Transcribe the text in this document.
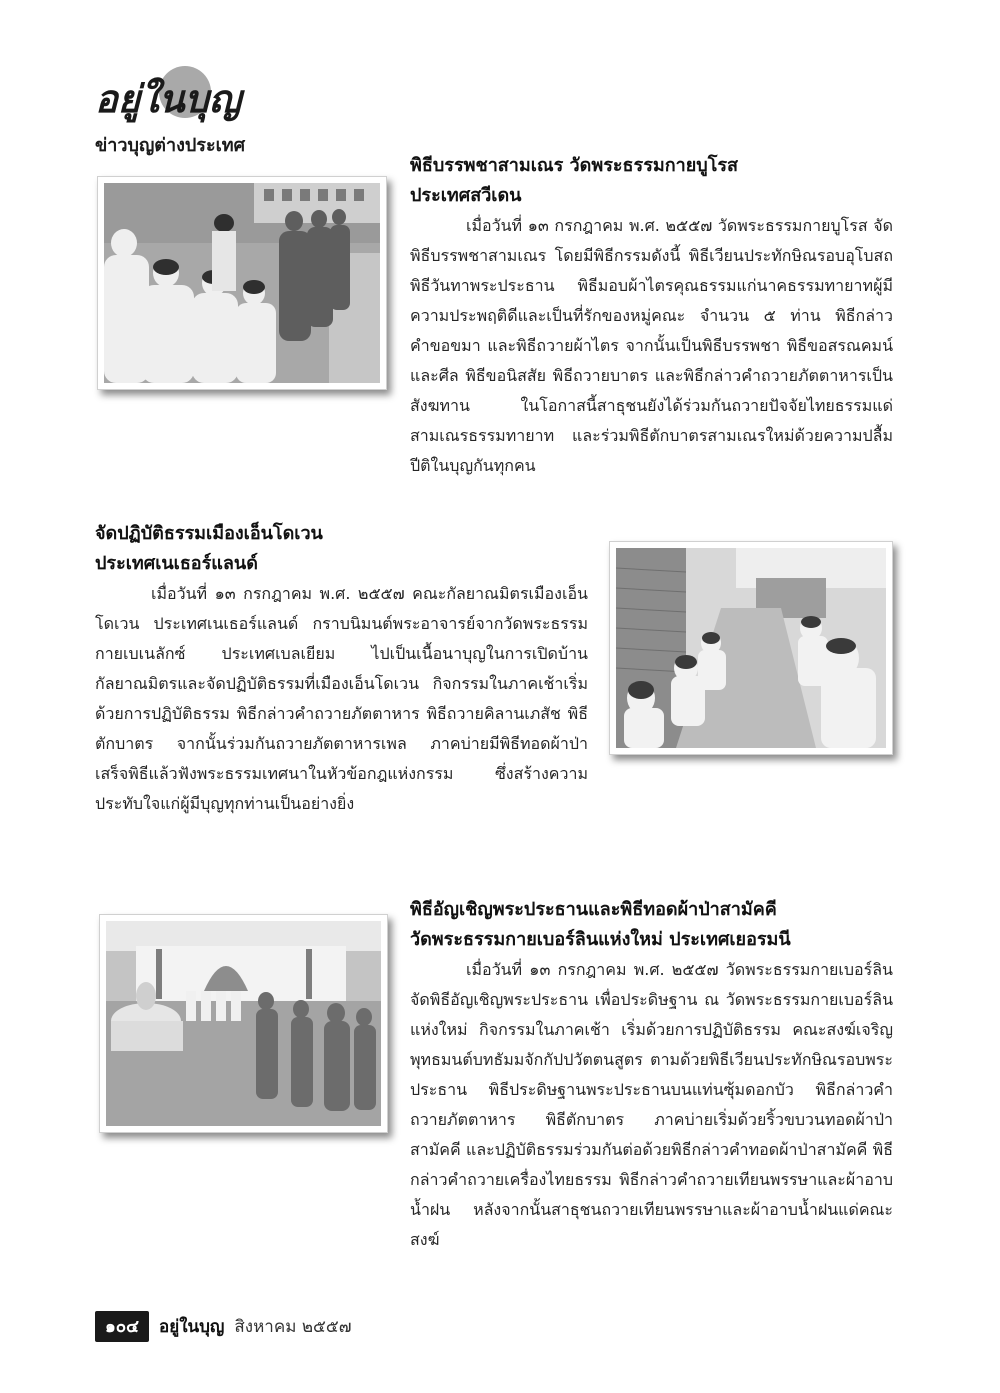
อยู่ในบุญ
ข่าวบุญต่างประเทศ
พิธีบรรพชาสามเณร วัดพระธรรมกายบูโรส
ประเทศสวีเดน

เมื่อวันที่ ๑๓ กรกฎาคม พ.ศ. ๒๕๕๗ วัดพระธรรมกายบูโรส จัดพิธีบรรพชาสามเณร โดยมีพิธีกรรมดังนี้ พิธีเวียนประทักษิณรอบอุโบสถ พิธีวันทาพระประธาน พิธีมอบผ้าไตรคุณธรรมแก่นาคธรรมทายาทผู้มีความประพฤติดีและเป็นที่รักของหมู่คณะ จำนวน ๕ ท่าน พิธีกล่าวคำขอขมา และพิธีถวายผ้าไตร จากนั้นเป็นพิธีบรรพชา พิธีขอสรณคมน์และศีล พิธีขอนิสสัย พิธีถวายบาตร และพิธีกล่าวคำถวายภัตตาหารเป็นสังฆทาน ในโอกาสนี้สาธุชนยังได้ร่วมกันถวายปัจจัยไทยธรรมแด่สามเณรธรรมทายาท และร่วมพิธีตักบาตรสามเณรใหม่ด้วยความปลื้มปีติในบุญกันทุกคน

จัดปฏิบัติธรรมเมืองเอ็นโดเวน
ประเทศเนเธอร์แลนด์

เมื่อวันที่ ๑๓ กรกฎาคม พ.ศ. ๒๕๕๗ คณะกัลยาณมิตรเมืองเอ็นโดเวน ประเทศเนเธอร์แลนด์ กราบนิมนต์พระอาจารย์จากวัดพระธรรมกายเบเนลักซ์ ประเทศเบลเยียม ไปเป็นเนื้อนาบุญในการเปิดบ้านกัลยาณมิตรและจัดปฏิบัติธรรมที่เมืองเอ็นโดเวน กิจกรรมในภาคเช้าเริ่มด้วยการปฏิบัติธรรม พิธีกล่าวคำถวายภัตตาหาร พิธีถวายคิลานเภสัช พิธีตักบาตร จากนั้นร่วมกันถวายภัตตาหารเพล ภาคบ่ายมีพิธีทอดผ้าป่า เสร็จพิธีแล้วฟังพระธรรมเทศนาในหัวข้อกฎแห่งกรรม ซึ่งสร้างความประทับใจแก่ผู้มีบุญทุกท่านเป็นอย่างยิ่ง

พิธีอัญเชิญพระประธานและพิธีทอดผ้าป่าสามัคคี
วัดพระธรรมกายเบอร์ลินแห่งใหม่ ประเทศเยอรมนี

เมื่อวันที่ ๑๓ กรกฎาคม พ.ศ. ๒๕๕๗ วัดพระธรรมกายเบอร์ลินจัดพิธีอัญเชิญพระประธาน เพื่อประดิษฐาน ณ วัดพระธรรมกายเบอร์ลินแห่งใหม่ กิจกรรมในภาคเช้า เริ่มด้วยการปฏิบัติธรรม คณะสงฆ์เจริญพุทธมนต์บทธัมมจักกัปปวัตตนสูตร ตามด้วยพิธีเวียนประทักษิณรอบพระประธาน พิธีประดิษฐานพระประธานบนแท่นซุ้มดอกบัว พิธีกล่าวคำถวายภัตตาหาร พิธีตักบาตร ภาคบ่ายเริ่มด้วยริ้วขบวนทอดผ้าป่าสามัคคี และปฏิบัติธรรมร่วมกันต่อด้วยพิธีกล่าวคำทอดผ้าป่าสามัคคี พิธีกล่าวคำถวายเครื่องไทยธรรม พิธีกล่าวคำถวายเทียนพรรษาและผ้าอาบน้ำฝน หลังจากนั้นสาธุชนถวายเทียนพรรษาและผ้าอาบน้ำฝนแด่คณะสงฆ์

๑๐๔	อยู่ในบุญ สิงหาคม ๒๕๕๗
